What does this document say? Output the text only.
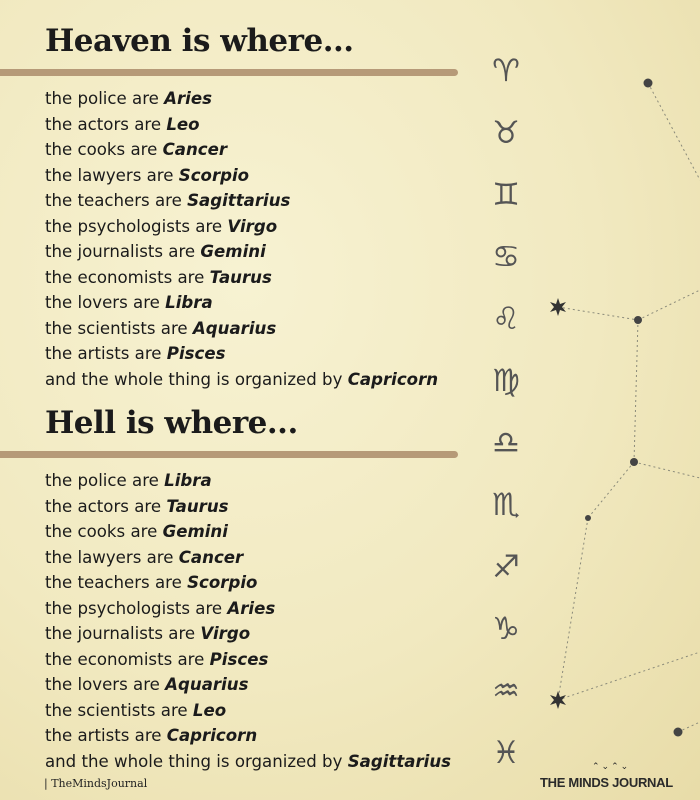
Heaven is where...
the police are Aries
the actors are Leo
the cooks are Cancer
the lawyers are Scorpio
the teachers are Sagittarius
the psychologists are Virgo
the journalists are Gemini
the economists are Taurus
the lovers are Libra
the scientists are Aquarius
the artists are Pisces
and the whole thing is organized by Capricorn
Hell is where...
the police are Libra
the actors are Taurus
the cooks are Gemini
the lawyers are Cancer
the teachers are Scorpio
the psychologists are Aries
the journalists are Virgo
the economists are Pisces
the lovers are Aquarius
the scientists are Leo
the artists are Capricorn
and the whole thing is organized by Sagittarius
♈
♉
♊
♋
♌
♍
♎
♏
♐
♑
♒
♓
| TheMindsJournal
⌃⌄⌃⌄
THE MINDS JOURNAL
